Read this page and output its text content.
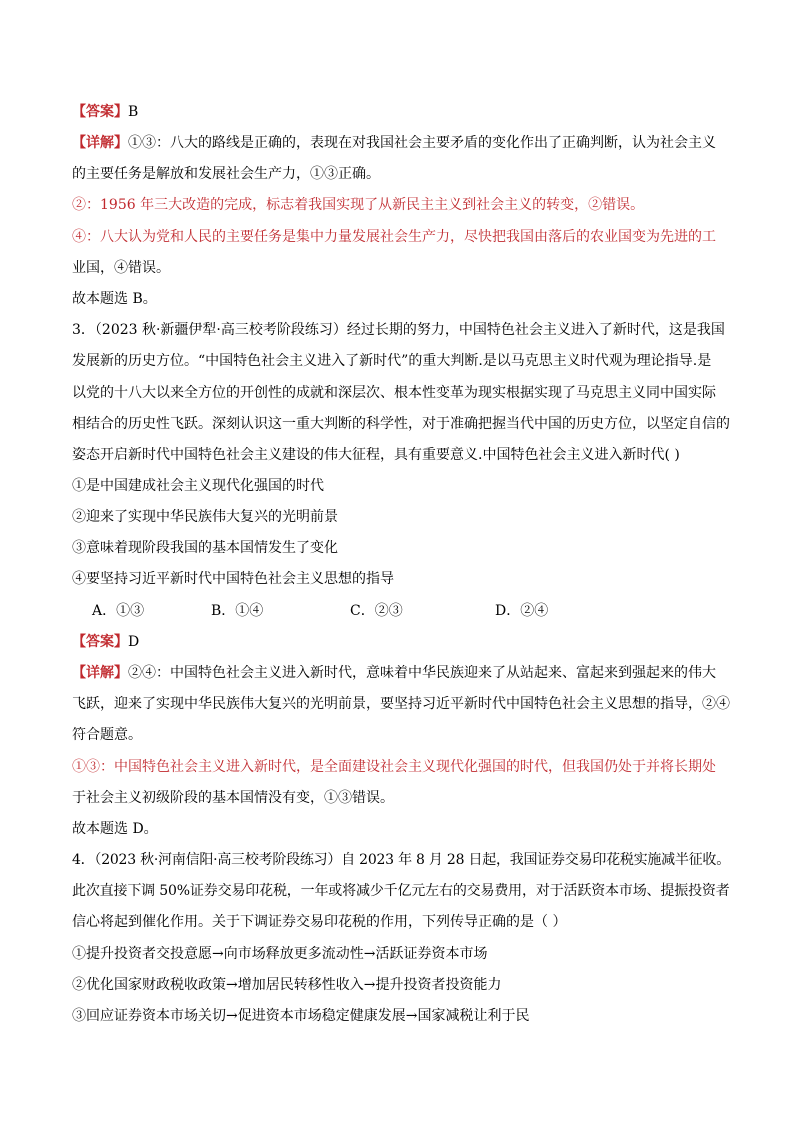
【答案】B
【详解】①③：八大的路线是正确的，表现在对我国社会主要矛盾的变化作出了正确判断，认为社会主义
的主要任务是解放和发展社会生产力，①③正确。
②：1956 年三大改造的完成，标志着我国实现了从新民主主义到社会主义的转变，②错误。
④：八大认为党和人民的主要任务是集中力量发展社会生产力，尽快把我国由落后的农业国变为先进的工
业国，④错误。
故本题选 B。
3．（2023 秋·新疆伊犁·高三校考阶段练习）经过长期的努力，中国特色社会主义进入了新时代，这是我国
发展新的历史方位。“中国特色社会主义进入了新时代”的重大判断.是以马克思主义时代观为理论指导.是
以党的十八大以来全方位的开创性的成就和深层次、根本性变革为现实根据实现了马克思主义同中国实际
相结合的历史性飞跃。深刻认识这一重大判断的科学性，对于准确把握当代中国的历史方位，以坚定自信的
姿态开启新时代中国特色社会主义建设的伟大征程，具有重要意义.中国特色社会主义进入新时代( )
①是中国建成社会主义现代化强国的时代
②迎来了实现中华民族伟大复兴的光明前景
③意味着现阶段我国的基本国情发生了变化
④要坚持习近平新时代中国特色社会主义思想的指导
A．①③	B．①④	C．②③	D．②④
【答案】D
【详解】②④：中国特色社会主义进入新时代，意味着中华民族迎来了从站起来、富起来到强起来的伟大
飞跃，迎来了实现中华民族伟大复兴的光明前景，要坚持习近平新时代中国特色社会主义思想的指导，②④
符合题意。
①③：中国特色社会主义进入新时代，是全面建设社会主义现代化强国的时代，但我国仍处于并将长期处
于社会主义初级阶段的基本国情没有变，①③错误。
故本题选 D。
4．（2023 秋·河南信阳·高三校考阶段练习）自 2023 年 8 月 28 日起，我国证券交易印花税实施减半征收。
此次直接下调 50%证券交易印花税，一年或将减少千亿元左右的交易费用，对于活跃资本市场、提振投资者
信心将起到催化作用。关于下调证券交易印花税的作用，下列传导正确的是（ ）
①提升投资者交投意愿→向市场释放更多流动性→活跃证券资本市场
②优化国家财政税收政策→增加居民转移性收入→提升投资者投资能力
③回应证券资本市场关切→促进资本市场稳定健康发展→国家减税让利于民
